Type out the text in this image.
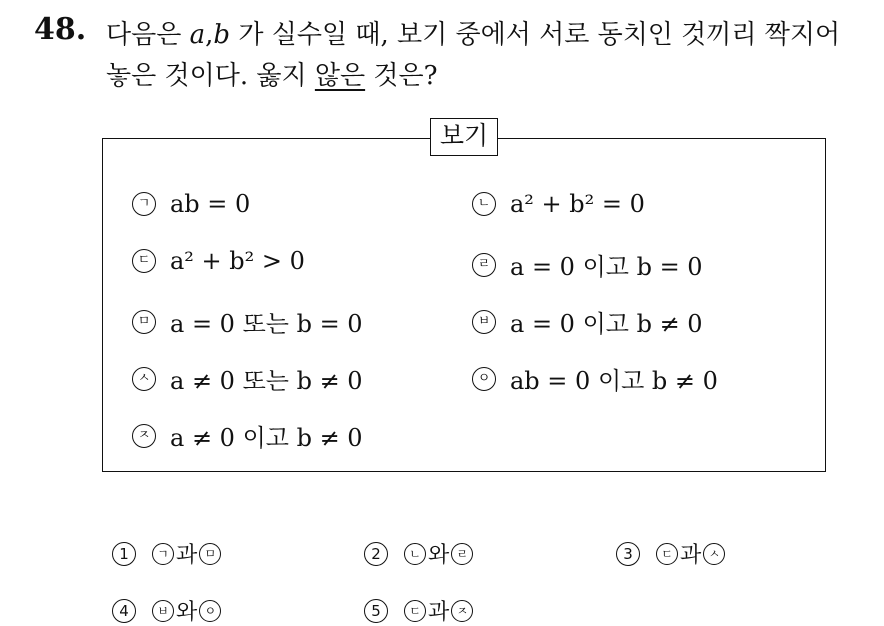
48. 다음은 a,b 가 실수일 때, 보기 중에서 서로 동치인 것끼리 짝지어
놓은 것이다. 옳지 않은 것은?
보기
ㄱ ab = 0
ㄷ a² + b² > 0
ㅁ a = 0 또는 b = 0
ㅅ a ≠ 0 또는 b ≠ 0
ㅈ a ≠ 0 이고 b ≠ 0
ㄴ a² + b² = 0
ㄹ a = 0 이고 b = 0
ㅂ a = 0 이고 b ≠ 0
ㅇ ab = 0 이고 b ≠ 0
1	ㄱ 과 ㅁ	2	ㄴ 와 ㄹ	3	ㄷ 과 ㅅ
4	ㅂ 와 ㅇ	5	ㄷ 과 ㅈ
